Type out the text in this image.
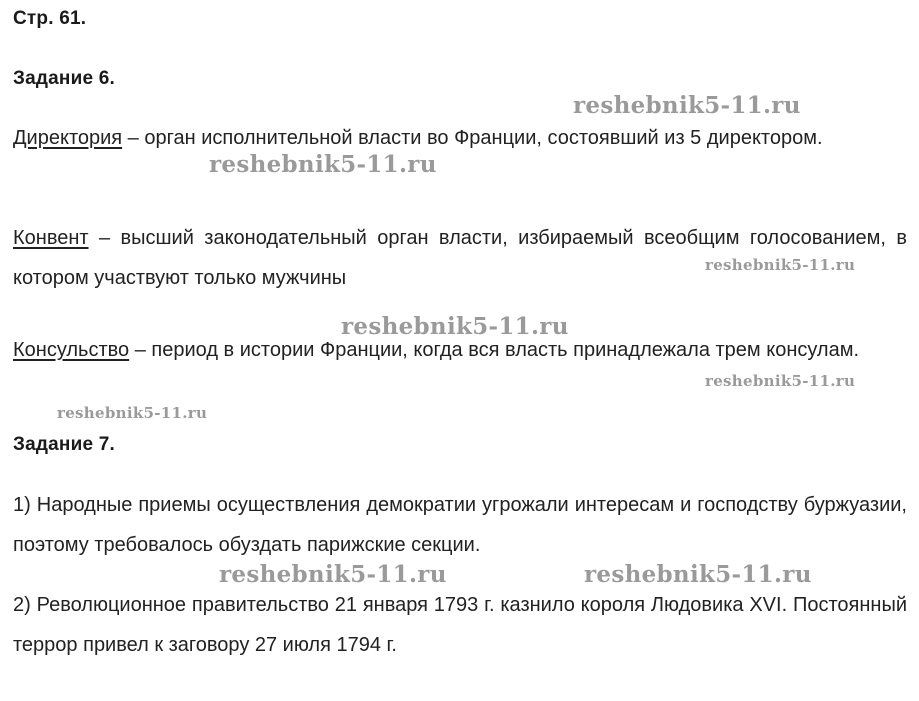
Стр. 61.
Задание 6.
Директория – орган исполнительной власти во Франции, состоявший из 5 директором.
Конвент – высший законодательный орган власти, избираемый всеобщим голосованием, в котором участвуют только мужчины
Консульство – период в истории Франции, когда вся власть принадлежала трем консулам.
Задание 7.
1) Народные приемы осуществления демократии угрожали интересам и господству буржуазии, поэтому требовалось обуздать парижские секции.
2) Революционное правительство 21 января 1793 г. казнило короля Людовика XVI. Постоянный террор привел к заговору 27 июля 1794 г.
reshebnik5-11.ru
reshebnik5-11.ru
reshebnik5-11.ru
reshebnik5-11.ru
reshebnik5-11.ru
reshebnik5-11.ru
reshebnik5-11.ru	reshebnik5-11.ru
